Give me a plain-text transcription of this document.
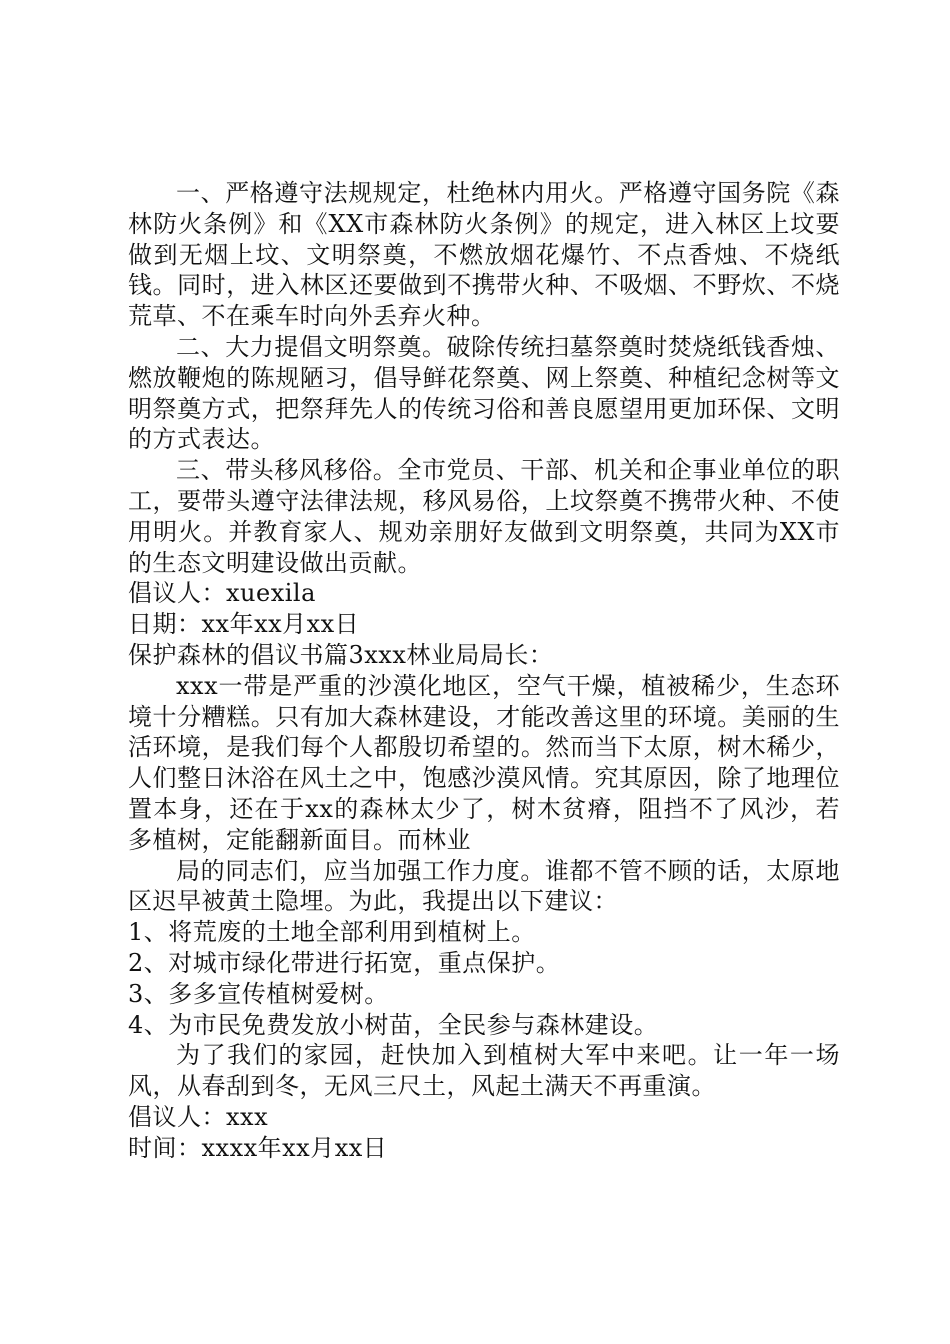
一、严格遵守法规规定，杜绝林内用火。严格遵守国务院《森林防火条例》和《XX市森林防火条例》的规定，进入林区上坟要做到无烟上坟、文明祭奠，不燃放烟花爆竹、不点香烛、不烧纸钱。同时，进入林区还要做到不携带火种、不吸烟、不野炊、不烧荒草、不在乘车时向外丢弃火种。

二、大力提倡文明祭奠。破除传统扫墓祭奠时焚烧纸钱香烛、燃放鞭炮的陈规陋习，倡导鲜花祭奠、网上祭奠、种植纪念树等文明祭奠方式，把祭拜先人的传统习俗和善良愿望用更加环保、文明的方式表达。

三、带头移风移俗。全市党员、干部、机关和企事业单位的职工，要带头遵守法律法规，移风易俗，上坟祭奠不携带火种、不使用明火。并教育家人、规劝亲朋好友做到文明祭奠，共同为XX市的生态文明建设做出贡献。

倡议人：xuexila

日期：xx年xx月xx日

保护森林的倡议书篇3xxx林业局局长：

xxx一带是严重的沙漠化地区，空气干燥，植被稀少，生态环境十分糟糕。只有加大森林建设，才能改善这里的环境。美丽的生活环境，是我们每个人都殷切希望的。然而当下太原，树木稀少，人们整日沐浴在风土之中，饱感沙漠风情。究其原因，除了地理位置本身，还在于xx的森林太少了，树木贫瘠，阻挡不了风沙，若多植树，定能翻新面目。而林业

局的同志们，应当加强工作力度。谁都不管不顾的话，太原地区迟早被黄土隐埋。为此，我提出以下建议：

1、将荒废的土地全部利用到植树上。

2、对城市绿化带进行拓宽，重点保护。

3、多多宣传植树爱树。

4、为市民免费发放小树苗，全民参与森林建设。

为了我们的家园，赶快加入到植树大军中来吧。让一年一场风，从春刮到冬，无风三尺土，风起土满天不再重演。

倡议人：xxx

时间：xxxx年xx月xx日
